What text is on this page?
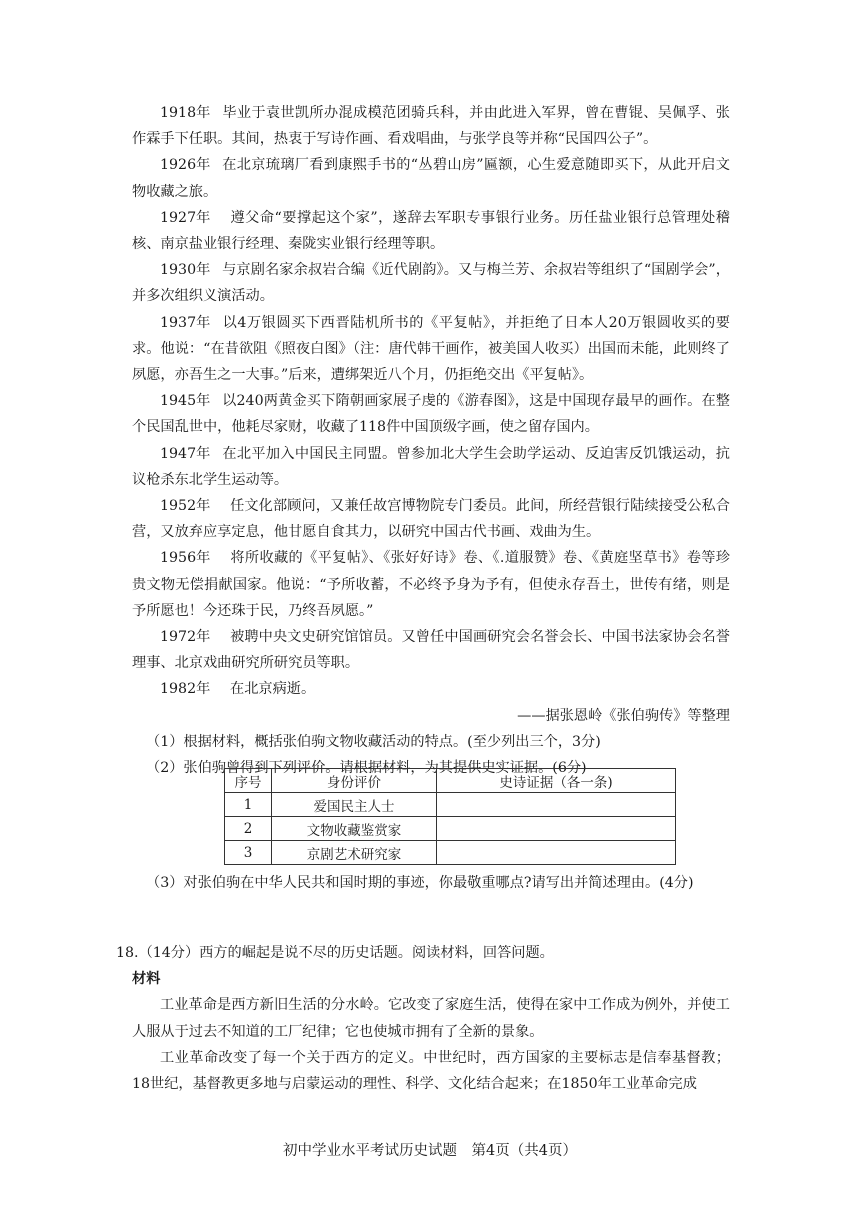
1918年 毕业于袁世凯所办混成模范团骑兵科，并由此进入军界，曾在曹锟、吴佩孚、张作霖手下任职。其间，热衷于写诗作画、看戏唱曲，与张学良等并称“民国四公子”。

1926年 在北京琉璃厂看到康熙手书的“丛碧山房”匾额，心生爱意随即买下，从此开启文物收藏之旅。

1927年 遵父命“要撑起这个家”，遂辞去军职专事银行业务。历任盐业银行总管理处稽核、南京盐业银行经理、秦陇实业银行经理等职。

1930年 与京剧名家余叔岩合编《近代剧韵》。又与梅兰芳、余叔岩等组织了“国剧学会”，并多次组织义演活动。

1937年 以4万银圆买下西晋陆机所书的《平复帖》，并拒绝了日本人20万银圆收买的要求。他说：“在昔欲阻《照夜白图》（注：唐代韩干画作，被美国人收买）出国而未能，此则终了夙愿，亦吾生之一大事。”后来，遭绑架近八个月，仍拒绝交出《平复帖》。

1945年 以240两黄金买下隋朝画家展子虔的《游春图》，这是中国现存最早的画作。在整个民国乱世中，他耗尽家财，收藏了118件中国顶级字画，使之留存国内。

1947年 在北平加入中国民主同盟。曾参加北大学生会助学运动、反迫害反饥饿运动，抗议枪杀东北学生运动等。

1952年 任文化部顾问，又兼任故宫博物院专门委员。此间，所经营银行陆续接受公私合营，又放弃应享定息，他甘愿自食其力，以研究中国古代书画、戏曲为生。

1956年 将所收藏的《平复帖》、《张好好诗》卷、《.道服赞》卷、《黄庭坚草书》卷等珍贵文物无偿捐献国家。他说：“予所收蓄，不必终予身为予有，但使永存吾土，世传有绪，则是予所愿也！今还珠于民，乃终吾夙愿。”

1972年 被聘中央文史研究馆馆员。又曾任中国画研究会名誉会长、中国书法家协会名誉理事、北京戏曲研究所研究员等职。

1982年 在北京病逝。

——据张恩岭《张伯驹传》等整理

（1）根据材料，概括张伯驹文物收藏活动的特点。(至少列出三个，3分)

（2）张伯驹曾得到下列评价。请根据材料，为其提供史实证据。(6分)

序号	身份评价	史诗证据（各一条)
1	爱国民主人士	
2	文物收藏鉴赏家	
3	京剧艺术研究家	

（3）对张伯驹在中华人民共和国时期的事迹，你最敬重哪点?请写出并简述理由。(4分)

18.（14分）西方的崛起是说不尽的历史话题。阅读材料，回答问题。

材料

工业革命是西方新旧生活的分水岭。它改变了家庭生活，使得在家中工作成为例外，并使工人服从于过去不知道的工厂纪律；它也使城市拥有了全新的景象。

工业革命改变了每一个关于西方的定义。中世纪时，西方国家的主要标志是信奉基督教；18世纪，基督教更多地与启蒙运动的理性、科学、文化结合起来；在1850年工业革命完成

初中学业水平考试历史试题　第4页（共4页）
